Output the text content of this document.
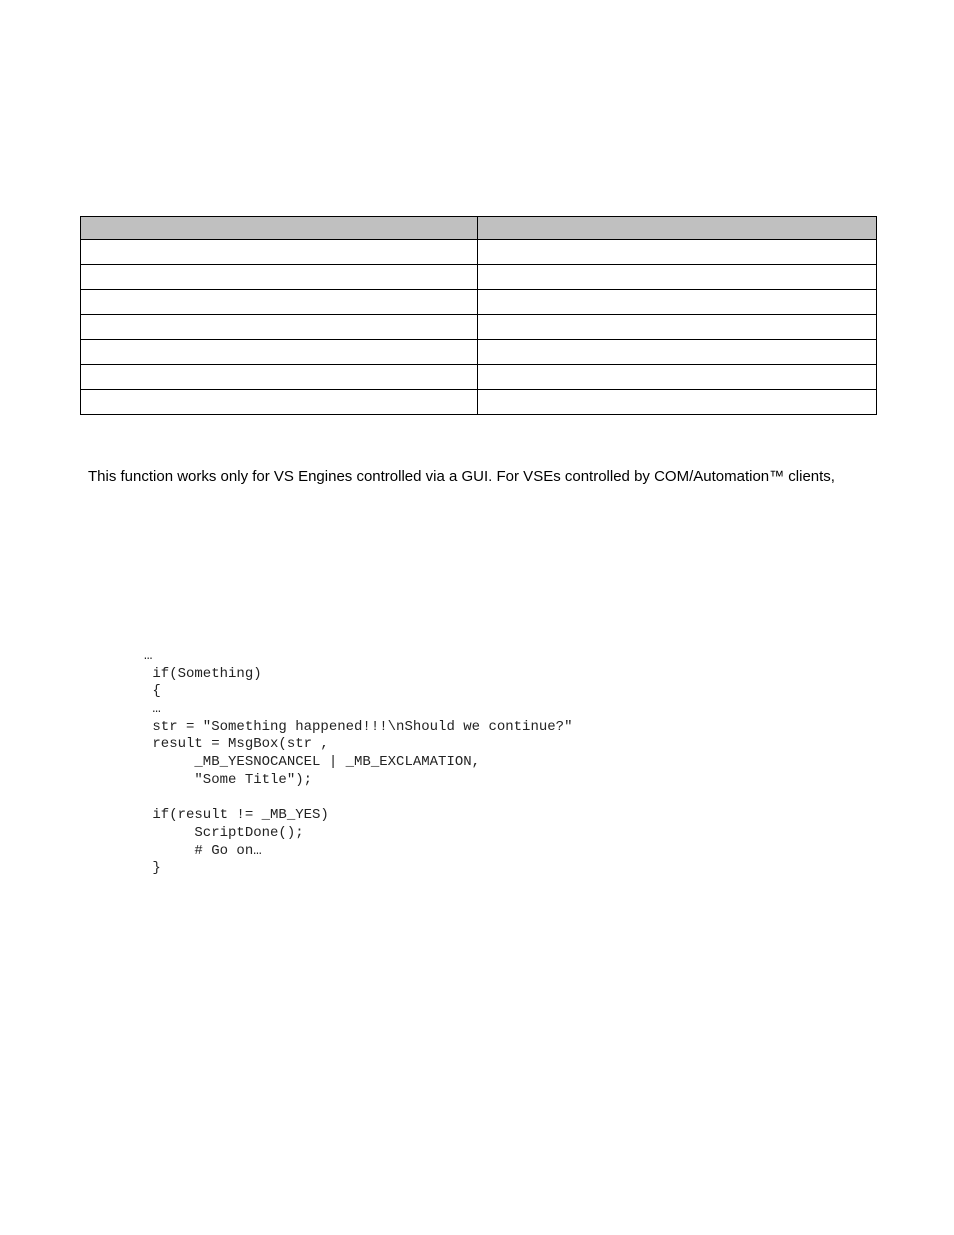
This function works only for VS Engines controlled via a GUI. For VSEs controlled by COM/Automation™ clients,
…
if(Something)
{
…
str = "Something happened!!!\nShould we continue?"
result = MsgBox(str ,
_MB_YESNOCANCEL | _MB_EXCLAMATION,
"Some Title");
if(result != _MB_YES)
ScriptDone();
# Go on…
}
